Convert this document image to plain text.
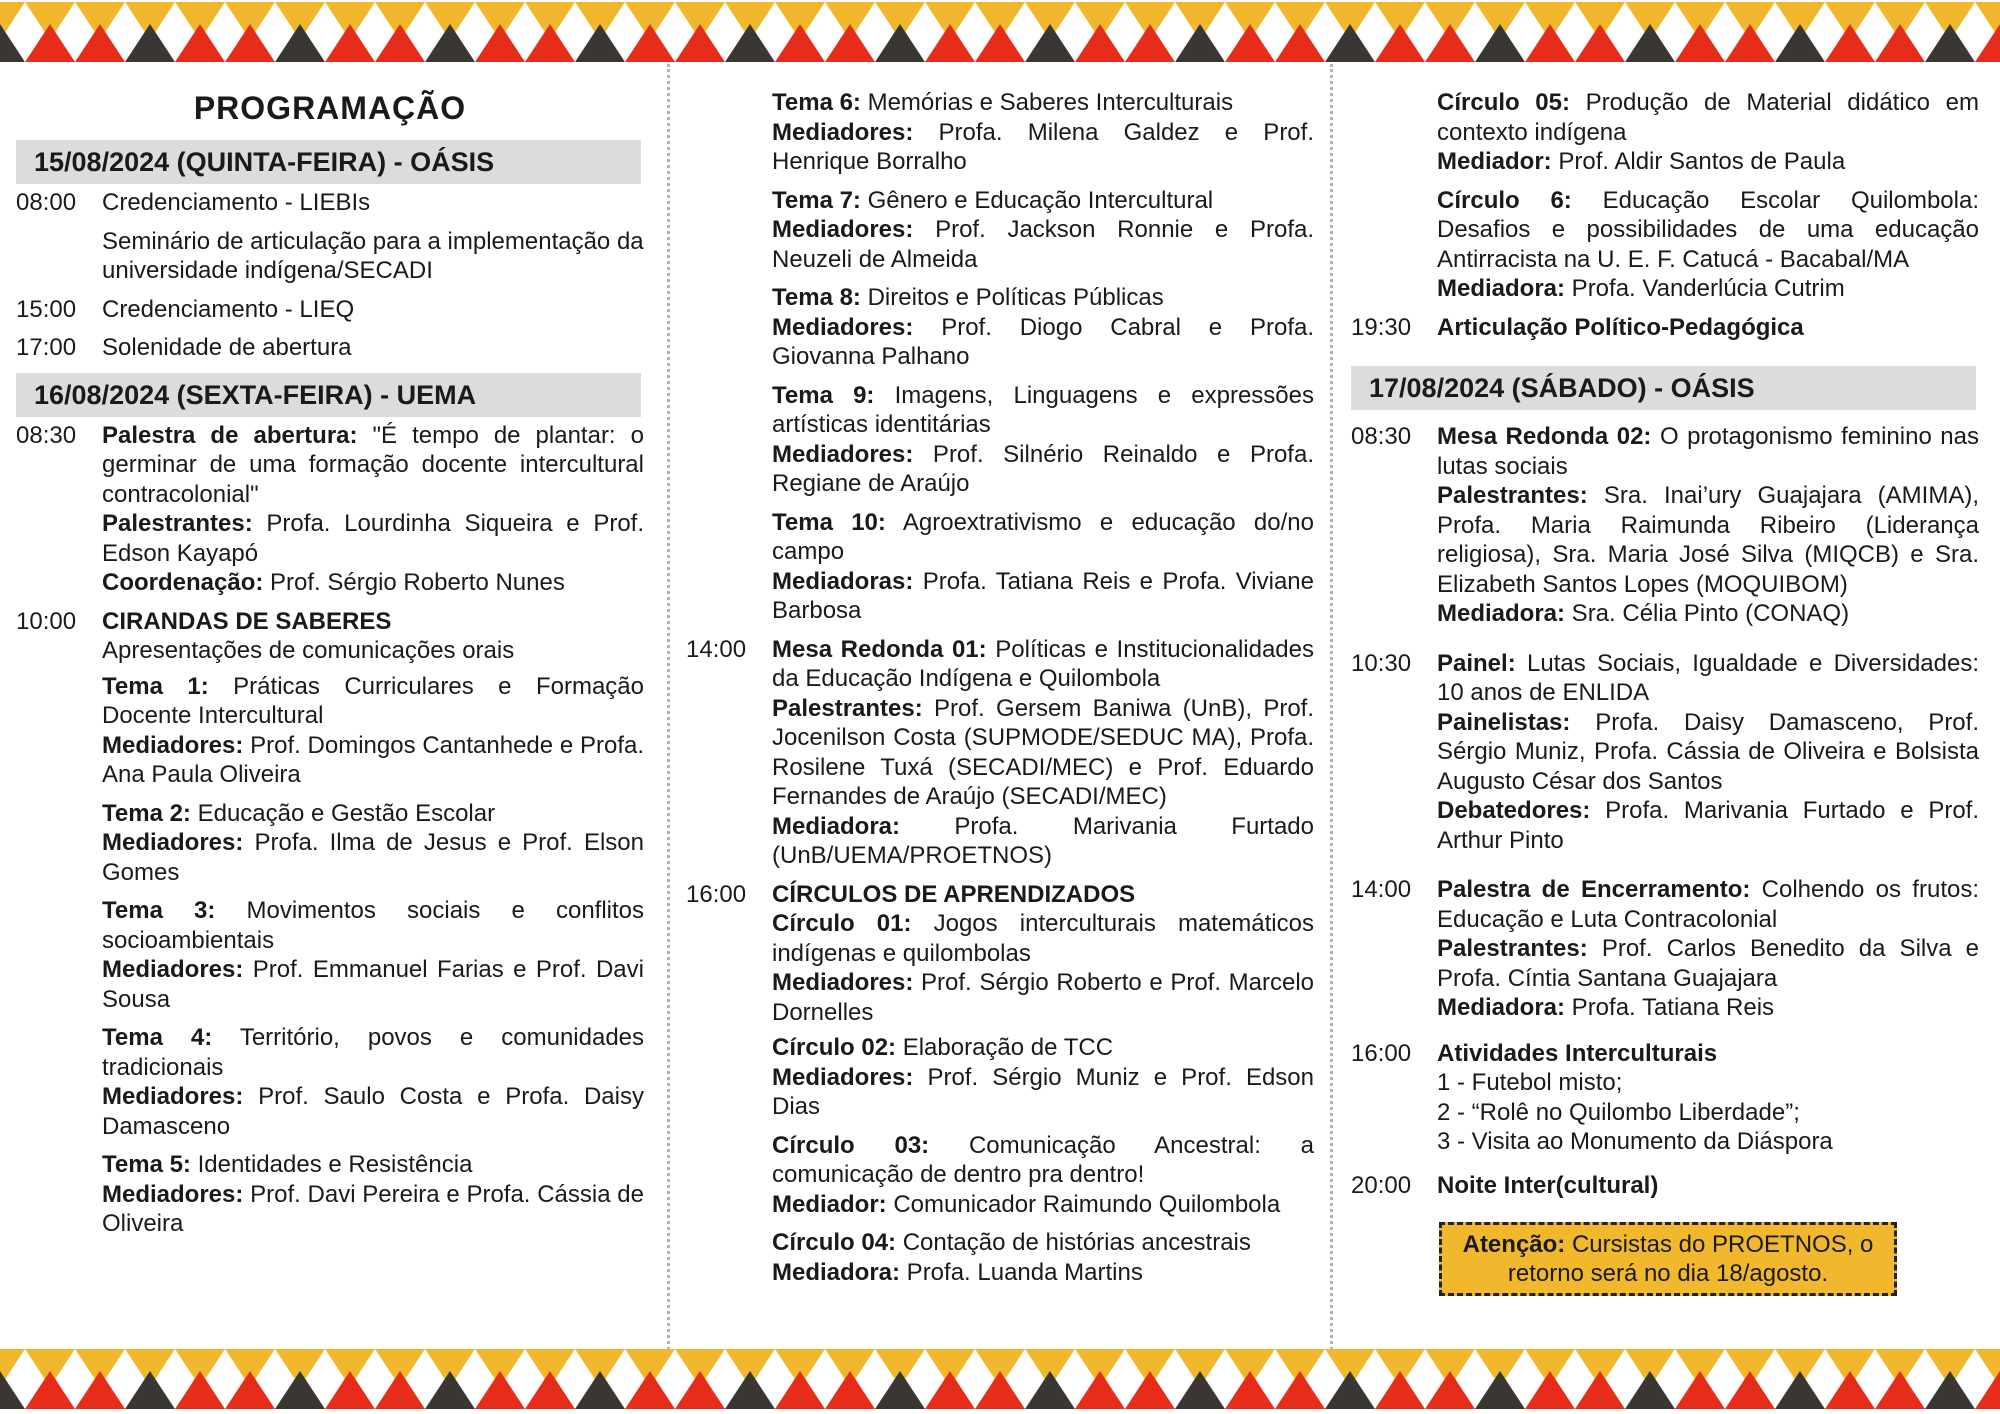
PROGRAMAÇÃO
15/08/2024 (QUINTA-FEIRA) - OÁSIS
08:00	Credenciamento - LIEBIs
Seminário de articulação para a implementação da universidade indígena/SECADI
15:00	Credenciamento - LIEQ
17:00	Solenidade de abertura
16/08/2024 (SEXTA-FEIRA) - UEMA
08:30	Palestra de abertura: "É tempo de plantar: o germinar de uma formação docente intercultural contracolonial"
Palestrantes: Profa. Lourdinha Siqueira e Prof. Edson Kayapó
Coordenação: Prof. Sérgio Roberto Nunes
10:00	CIRANDAS DE SABERES
Apresentações de comunicações orais
Tema 1: Práticas Curriculares e Formação Docente Intercultural
Mediadores: Prof. Domingos Cantanhede e Profa. Ana Paula Oliveira
Tema 2: Educação e Gestão Escolar
Mediadores: Profa. Ilma de Jesus e Prof. Elson Gomes
Tema 3: Movimentos sociais e conflitos socioambientais
Mediadores: Prof. Emmanuel Farias e Prof. Davi Sousa
Tema 4: Território, povos e comunidades tradicionais
Mediadores: Prof. Saulo Costa e Profa. Daisy Damasceno
Tema 5: Identidades e Resistência
Mediadores: Prof. Davi Pereira e Profa. Cássia de Oliveira
Tema 6: Memórias e Saberes Interculturais
Mediadores: Profa. Milena Galdez e Prof. Henrique Borralho
Tema 7: Gênero e Educação Intercultural
Mediadores: Prof. Jackson Ronnie e Profa. Neuzeli de Almeida
Tema 8: Direitos e Políticas Públicas
Mediadores: Prof. Diogo Cabral e Profa. Giovanna Palhano
Tema 9: Imagens, Linguagens e expressões artísticas identitárias
Mediadores: Prof. Silnério Reinaldo e Profa. Regiane de Araújo
Tema 10: Agroextrativismo e educação do/no campo
Mediadoras: Profa. Tatiana Reis e Profa. Viviane Barbosa
14:00	Mesa Redonda 01: Políticas e Institucionalidades da Educação Indígena e Quilombola
Palestrantes: Prof. Gersem Baniwa (UnB), Prof. Jocenilson Costa (SUPMODE/SEDUC MA), Profa. Rosilene Tuxá (SECADI/MEC) e Prof. Eduardo Fernandes de Araújo (SECADI/MEC)
Mediadora: Profa. Marivania Furtado (UnB/UEMA/PROETNOS)
16:00	CÍRCULOS DE APRENDIZADOS
Círculo 01: Jogos interculturais matemáticos indígenas e quilombolas
Mediadores: Prof. Sérgio Roberto e Prof. Marcelo Dornelles
Círculo 02: Elaboração de TCC
Mediadores: Prof. Sérgio Muniz e Prof. Edson Dias
Círculo 03: Comunicação Ancestral: a comunicação de dentro pra dentro!
Mediador: Comunicador Raimundo Quilombola
Círculo 04: Contação de histórias ancestrais
Mediadora: Profa. Luanda Martins
Círculo 05: Produção de Material didático em contexto indígena
Mediador: Prof. Aldir Santos de Paula
Círculo 6: Educação Escolar Quilombola: Desafios e possibilidades de uma educação Antirracista na U. E. F. Catucá - Bacabal/MA
Mediadora: Profa. Vanderlúcia Cutrim
19:30	Articulação Político-Pedagógica
17/08/2024 (SÁBADO) - OÁSIS
08:30	Mesa Redonda 02: O protagonismo feminino nas lutas sociais
Palestrantes: Sra. Inai’ury Guajajara (AMIMA), Profa. Maria Raimunda Ribeiro (Liderança religiosa), Sra. Maria José Silva (MIQCB) e Sra. Elizabeth Santos Lopes (MOQUIBOM)
Mediadora: Sra. Célia Pinto (CONAQ)
10:30	Painel: Lutas Sociais, Igualdade e Diversidades: 10 anos de ENLIDA
Painelistas: Profa. Daisy Damasceno, Prof. Sérgio Muniz, Profa. Cássia de Oliveira e Bolsista Augusto César dos Santos
Debatedores: Profa. Marivania Furtado e Prof. Arthur Pinto
14:00	Palestra de Encerramento: Colhendo os frutos: Educação e Luta Contracolonial
Palestrantes: Prof. Carlos Benedito da Silva e Profa. Cíntia Santana Guajajara
Mediadora: Profa. Tatiana Reis
16:00	Atividades Interculturais
1 - Futebol misto;
2 - “Rolê no Quilombo Liberdade”;
3 - Visita ao Monumento da Diáspora
20:00	Noite Inter(cultural)
Atenção: Cursistas do PROETNOS, o retorno será no dia 18/agosto.
